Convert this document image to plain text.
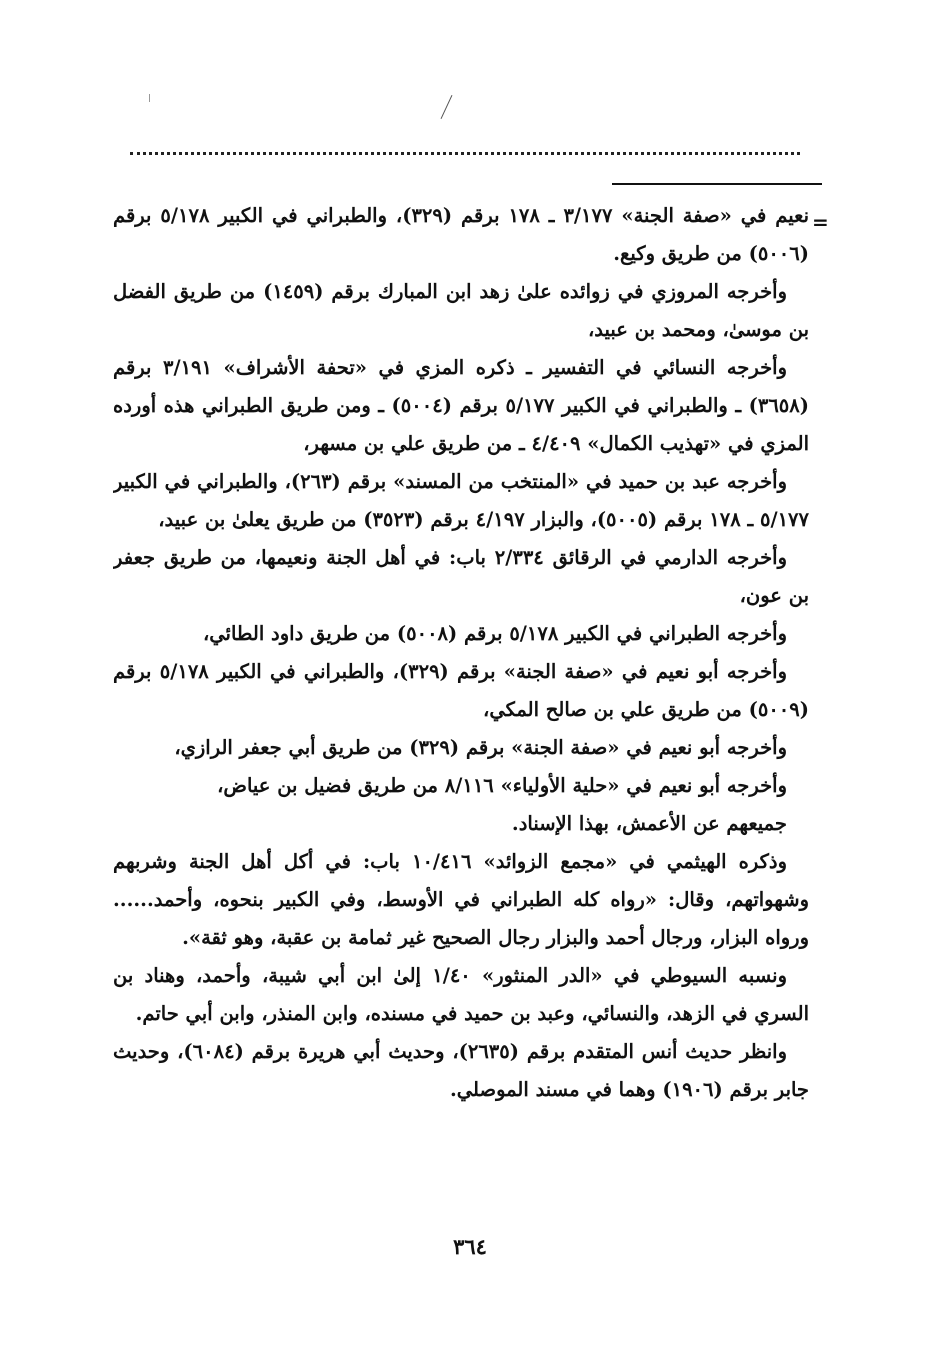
=

نعيم في «صفة الجنة» ٣/١٧٧ ـ ١٧٨ برقم (٣٢٩)، والطبراني في الكبير ٥/١٧٨ برقم (٥٠٠٦) من طريق وكيع.

وأخرجه المروزي في زوائده علىٰ زهد ابن المبارك برقم (١٤٥٩) من طريق الفضل بن موسىٰ، ومحمد بن عبيد،

وأخرجه النسائي في التفسير ـ ذكره المزي في «تحفة الأشراف» ٣/١٩١ برقم (٣٦٥٨) ـ والطبراني في الكبير ٥/١٧٧ برقم (٥٠٠٤) ـ ومن طريق الطبراني هذه أورده المزي في «تهذيب الكمال» ٤/٤٠٩ ـ من طريق علي بن مسهر،

وأخرجه عبد بن حميد في «المنتخب من المسند» برقم (٢٦٣)، والطبراني في الكبير ٥/١٧٧ ـ ١٧٨ برقم (٥٠٠٥)، والبزار ٤/١٩٧ برقم (٣٥٢٣) من طريق يعلىٰ بن عبيد،

وأخرجه الدارمي في الرقائق ٢/٣٣٤ باب: في أهل الجنة ونعيمها، من طريق جعفر بن عون،

وأخرجه الطبراني في الكبير ٥/١٧٨ برقم (٥٠٠٨) من طريق داود الطائي،

وأخرجه أبو نعيم في «صفة الجنة» برقم (٣٢٩)، والطبراني في الكبير ٥/١٧٨ برقم (٥٠٠٩) من طريق علي بن صالح المكي،

وأخرجه أبو نعيم في «صفة الجنة» برقم (٣٢٩) من طريق أبي جعفر الرازي،

وأخرجه أبو نعيم في «حلية الأولياء» ٨/١١٦ من طريق فضيل بن عياض،

جميعهم عن الأعمش، بهذا الإسناد.

وذكره الهيثمي في «مجمع الزوائد» ١٠/٤١٦ باب: في أكل أهل الجنة وشربهم وشهواتهم، وقال: «رواه كله الطبراني في الأوسط، وفي الكبير بنحوه، وأحمد...... ورواه البزار، ورجال أحمد والبزار رجال الصحيح غير ثمامة بن عقبة، وهو ثقة».

ونسبه السيوطي في «الدر المنثور» ١/٤٠ إلىٰ ابن أبي شيبة، وأحمد، وهناد بن السري في الزهد، والنسائي، وعبد بن حميد في مسنده، وابن المنذر، وابن أبي حاتم.

وانظر حديث أنس المتقدم برقم (٢٦٣٥)، وحديث أبي هريرة برقم (٦٠٨٤)، وحديث جابر برقم (١٩٠٦) وهما في مسند الموصلي.

٣٦٤
